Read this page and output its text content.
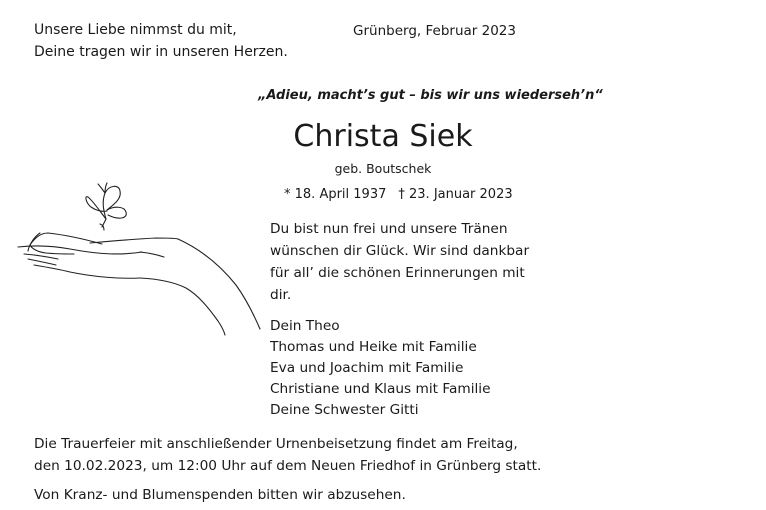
Unsere Liebe nimmst du mit,
Deine tragen wir in unseren Herzen.
Grünberg, Februar 2023
„Adieu, macht’s gut – bis wir uns wiederseh’n“
Christa Siek
geb. Boutschek
* 18. April 1937 † 23. Januar 2023
Du bist nun frei und unsere Tränen
wünschen dir Glück. Wir sind dankbar
für all’ die schönen Erinnerungen mit
dir.
Dein Theo
Thomas und Heike mit Familie
Eva und Joachim mit Familie
Christiane und Klaus mit Familie
Deine Schwester Gitti
Die Trauerfeier mit anschließender Urnenbeisetzung findet am Freitag,
den 10.02.2023, um 12:00 Uhr auf dem Neuen Friedhof in Grünberg statt.
Von Kranz- und Blumenspenden bitten wir abzusehen.
